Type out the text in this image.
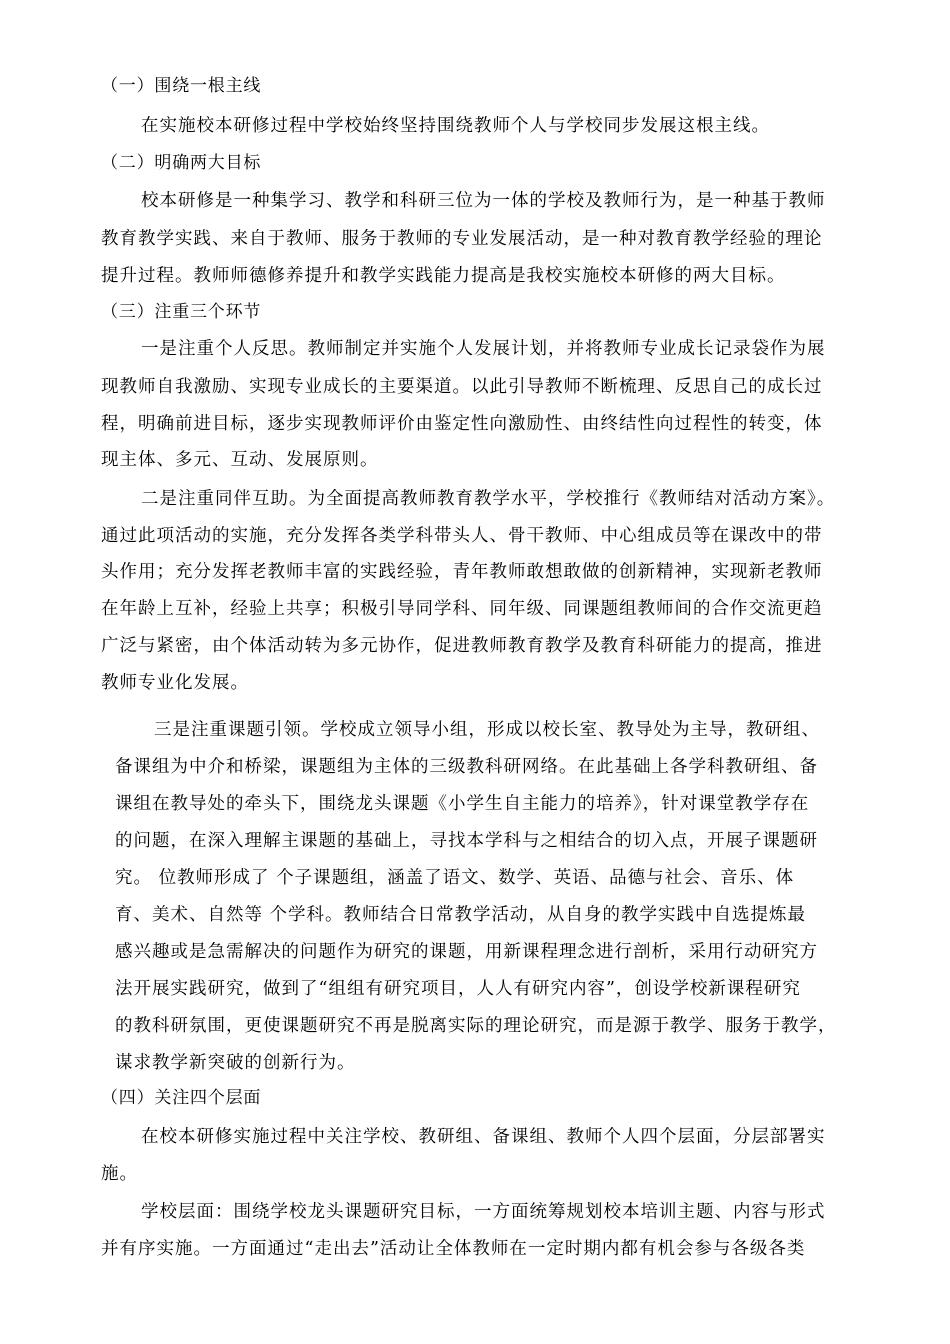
（一）围绕一根主线
在实施校本研修过程中学校始终坚持围绕教师个人与学校同步发展这根主线。
（二）明确两大目标
校本研修是一种集学习、教学和科研三位为一体的学校及教师行为，是一种基于教师
教育教学实践、来自于教师、服务于教师的专业发展活动，是一种对教育教学经验的理论
提升过程。教师师德修养提升和教学实践能力提高是我校实施校本研修的两大目标。
（三）注重三个环节
一是注重个人反思。教师制定并实施个人发展计划，并将教师专业成长记录袋作为展
现教师自我激励、实现专业成长的主要渠道。以此引导教师不断梳理、反思自己的成长过
程，明确前进目标，逐步实现教师评价由鉴定性向激励性、由终结性向过程性的转变，体
现主体、多元、互动、发展原则。
二是注重同伴互助。为全面提高教师教育教学水平，学校推行《教师结对活动方案》。
通过此项活动的实施，充分发挥各类学科带头人、骨干教师、中心组成员等在课改中的带
头作用；充分发挥老教师丰富的实践经验，青年教师敢想敢做的创新精神，实现新老教师
在年龄上互补，经验上共享；积极引导同学科、同年级、同课题组教师间的合作交流更趋
广泛与紧密，由个体活动转为多元协作，促进教师教育教学及教育科研能力的提高，推进
教师专业化发展。
三是注重课题引领。学校成立领导小组，形成以校长室、教导处为主导，教研组、
备课组为中介和桥梁，课题组为主体的三级教科研网络。在此基础上各学科教研组、备
课组在教导处的牵头下，围绕龙头课题《小学生自主能力的培养》，针对课堂教学存在
的问题，在深入理解主课题的基础上，寻找本学科与之相结合的切入点，开展子课题研
究。 位教师形成了 个子课题组，涵盖了语文、数学、英语、品德与社会、音乐、体
育、美术、自然等 个学科。教师结合日常教学活动，从自身的教学实践中自选提炼最
感兴趣或是急需解决的问题作为研究的课题，用新课程理念进行剖析，采用行动研究方
法开展实践研究，做到了“组组有研究项目，人人有研究内容”，创设学校新课程研究
的教科研氛围，更使课题研究不再是脱离实际的理论研究，而是源于教学、服务于教学，
谋求教学新突破的创新行为。
（四）关注四个层面
在校本研修实施过程中关注学校、教研组、备课组、教师个人四个层面，分层部署实
施。
学校层面：围绕学校龙头课题研究目标，一方面统筹规划校本培训主题、内容与形式
并有序实施。一方面通过“走出去”活动让全体教师在一定时期内都有机会参与各级各类
